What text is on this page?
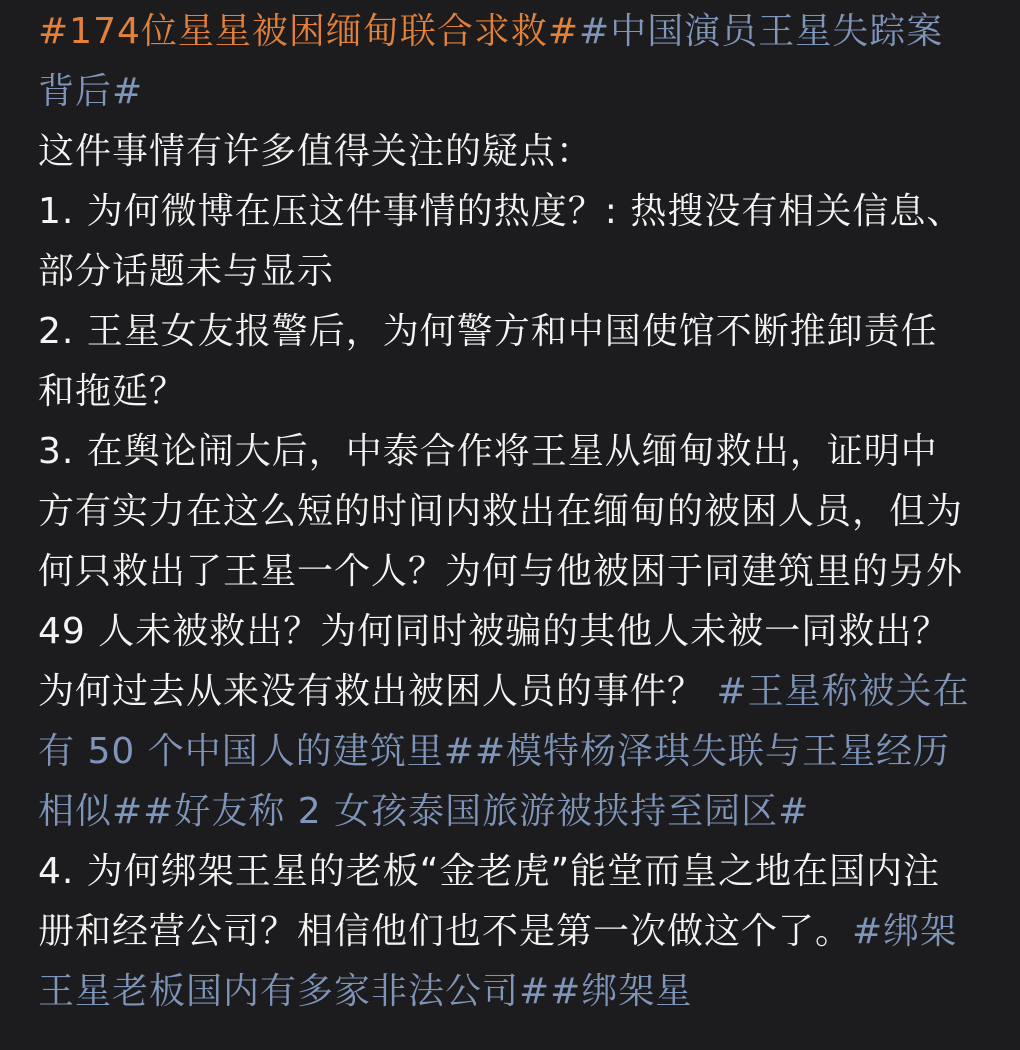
#174位星星被困缅甸联合求救##中国演员王星失踪案背后#

这件事情有许多值得关注的疑点：

1. 为何微博在压这件事情的热度？: 热搜没有相关信息、部分话题未与显示

2. 王星女友报警后，为何警方和中国使馆不断推卸责任和拖延？

3. 在舆论闹大后，中泰合作将王星从缅甸救出，证明中方有实力在这么短的时间内救出在缅甸的被困人员，但为何只救出了王星一个人？为何与他被困于同建筑里的另外 49 人未被救出？为何同时被骗的其他人未被一同救出？为何过去从来没有救出被困人员的事件？ #王星称被关在有 50 个中国人的建筑里##模特杨泽琪失联与王星经历相似##好友称 2 女孩泰国旅游被挟持至园区#

4. 为何绑架王星的老板“金老虎”能堂而皇之地在国内注册和经营公司？相信他们也不是第一次做这个了。#绑架王星老板国内有多家非法公司##绑架星
